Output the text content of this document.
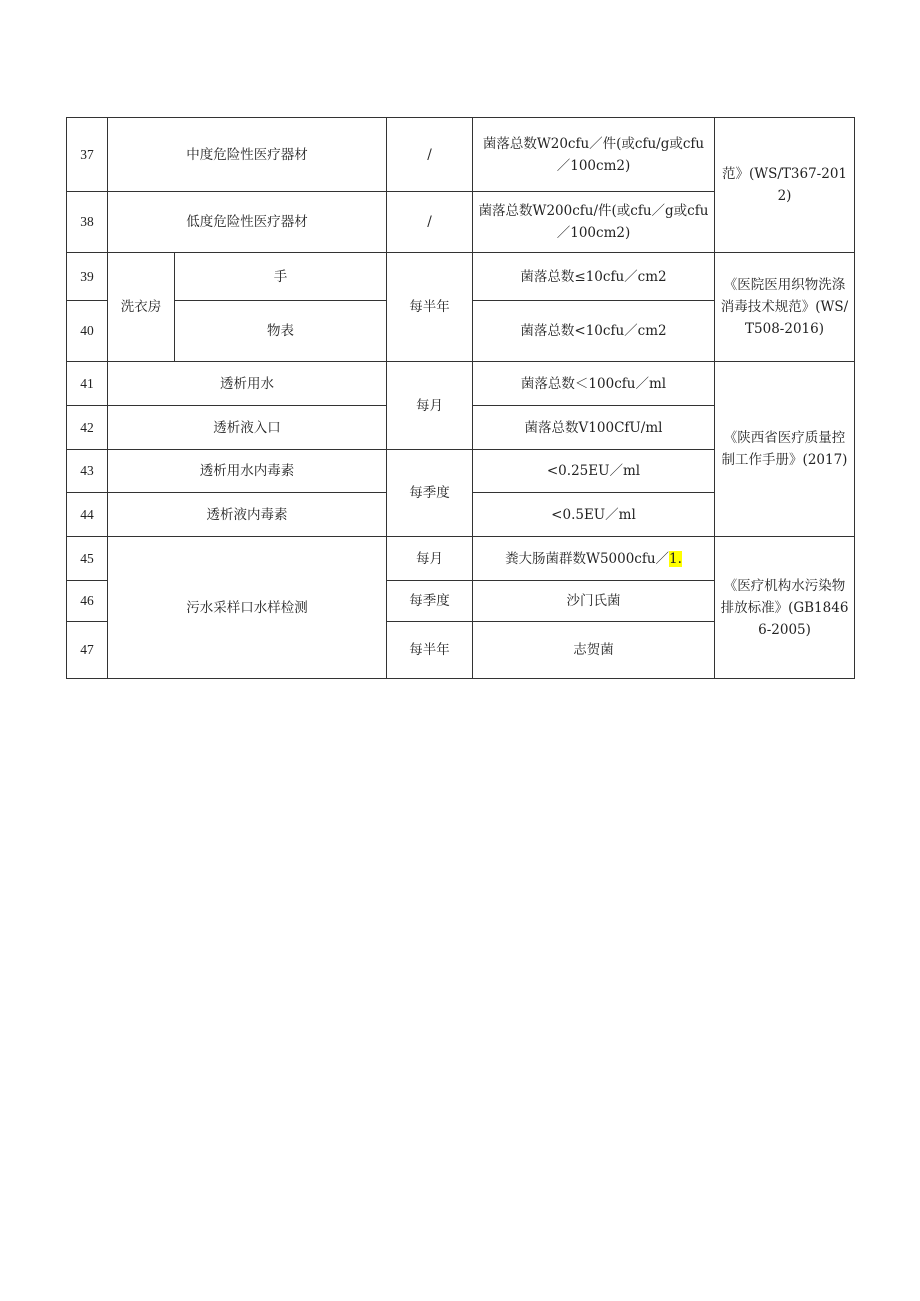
37	中度危险性医疗器材		/	菌落总数W20cfu／件(或cfu/g或cfu／100cm2)	范》(WS/T367-2012)
38	低度危险性医疗器材		/	菌落总数W200cfu/件(或cfu／g或cfu／100cm2)	
39	洗衣房	手	每半年	菌落总数≤10cfu／cm2	《医院医用织物洗涤消毒技术规范》(WS/T508-2016)
40		物表		菌落总数<10cfu／cm2	
41	透析用水		每月	菌落总数＜100cfu／ml	《陕西省医疗质量控制工作手册》(2017)
42	透析液入口			菌落总数V100CfU/ml	
43	透析用水内毒素		每季度	<0.25EU／ml	
44	透析液内毒素			<0.5EU／ml	
45	污水采样口水样检测		每月	粪大肠菌群数W5000cfu／1.	《医疗机构水污染物排放标准》(GB18466-2005)
46			每季度	沙门氏菌	
47			每半年	志贺菌	
